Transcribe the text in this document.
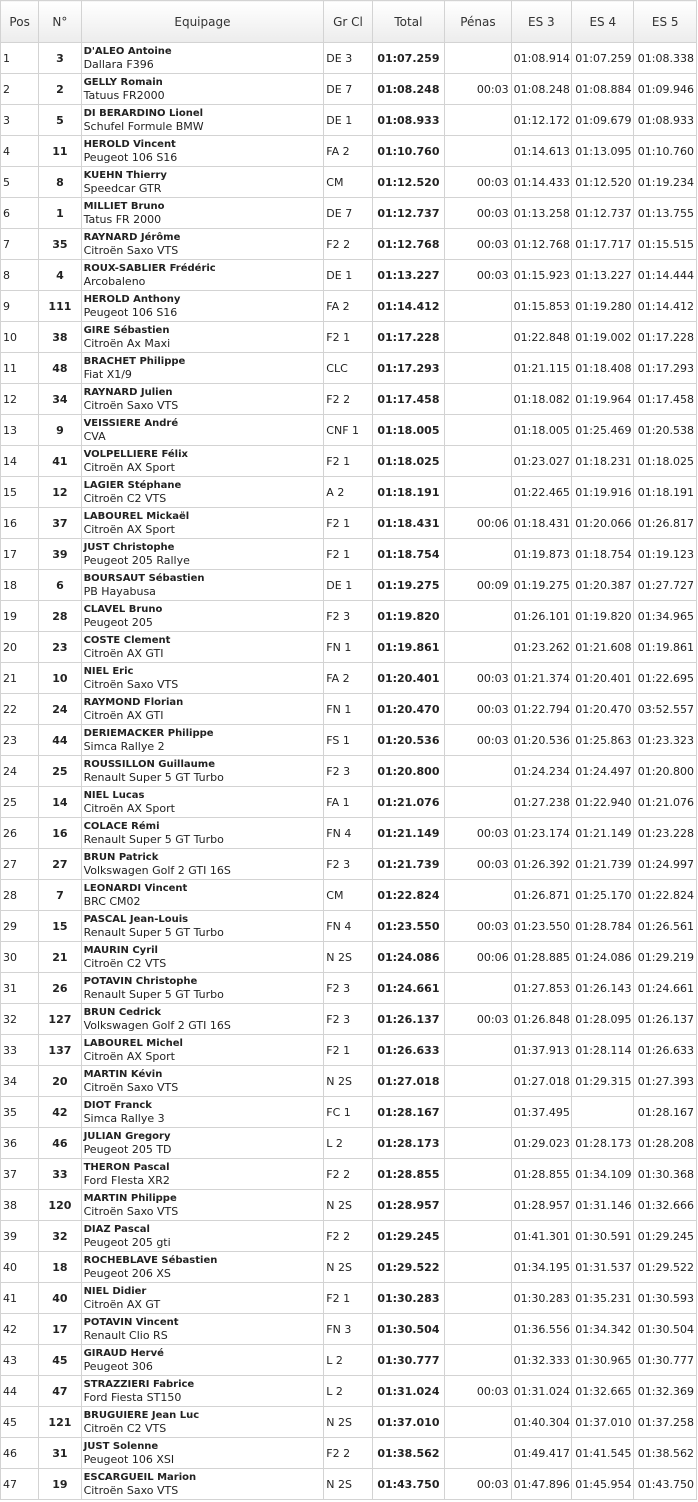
Pos	N°	Equipage	Gr Cl	Total	Pénas	ES 3	ES 4	ES 5
1	3	D'ALEO Antoine
Dallara F396	DE 3	01:07.259		01:08.914	01:07.259	01:08.338
2	2	GELLY Romain
Tatuus FR2000	DE 7	01:08.248	00:03	01:08.248	01:08.884	01:09.946
3	5	DI BERARDINO Lionel
Schufel Formule BMW	DE 1	01:08.933		01:12.172	01:09.679	01:08.933
4	11	HEROLD Vincent
Peugeot 106 S16	FA 2	01:10.760		01:14.613	01:13.095	01:10.760
5	8	KUEHN Thierry
Speedcar GTR	CM	01:12.520	00:03	01:14.433	01:12.520	01:19.234
6	1	MILLIET Bruno
Tatus FR 2000	DE 7	01:12.737	00:03	01:13.258	01:12.737	01:13.755
7	35	RAYNARD Jérôme
Citroën Saxo VTS	F2 2	01:12.768	00:03	01:12.768	01:17.717	01:15.515
8	4	ROUX-SABLIER Frédéric
Arcobaleno	DE 1	01:13.227	00:03	01:15.923	01:13.227	01:14.444
9	111	HEROLD Anthony
Peugeot 106 S16	FA 2	01:14.412		01:15.853	01:19.280	01:14.412
10	38	GIRE Sébastien
Citroën Ax Maxi	F2 1	01:17.228		01:22.848	01:19.002	01:17.228
11	48	BRACHET Philippe
Fiat X1/9	CLC	01:17.293		01:21.115	01:18.408	01:17.293
12	34	RAYNARD Julien
Citroën Saxo VTS	F2 2	01:17.458		01:18.082	01:19.964	01:17.458
13	9	VEISSIERE André
CVA	CNF 1	01:18.005		01:18.005	01:25.469	01:20.538
14	41	VOLPELLIERE Félix
Citroën AX Sport	F2 1	01:18.025		01:23.027	01:18.231	01:18.025
15	12	LAGIER Stéphane
Citroën C2 VTS	A 2	01:18.191		01:22.465	01:19.916	01:18.191
16	37	LABOUREL Mickaël
Citroën AX Sport	F2 1	01:18.431	00:06	01:18.431	01:20.066	01:26.817
17	39	JUST Christophe
Peugeot 205 Rallye	F2 1	01:18.754		01:19.873	01:18.754	01:19.123
18	6	BOURSAUT Sébastien
PB Hayabusa	DE 1	01:19.275	00:09	01:19.275	01:20.387	01:27.727
19	28	CLAVEL Bruno
Peugeot 205	F2 3	01:19.820		01:26.101	01:19.820	01:34.965
20	23	COSTE Clement
Citroën AX GTI	FN 1	01:19.861		01:23.262	01:21.608	01:19.861
21	10	NIEL Eric
Citroën Saxo VTS	FA 2	01:20.401	00:03	01:21.374	01:20.401	01:22.695
22	24	RAYMOND Florian
Citroën AX GTI	FN 1	01:20.470	00:03	01:22.794	01:20.470	03:52.557
23	44	DERIEMACKER Philippe
Simca Rallye 2	FS 1	01:20.536	00:03	01:20.536	01:25.863	01:23.323
24	25	ROUSSILLON Guillaume
Renault Super 5 GT Turbo	F2 3	01:20.800		01:24.234	01:24.497	01:20.800
25	14	NIEL Lucas
Citroën AX Sport	FA 1	01:21.076		01:27.238	01:22.940	01:21.076
26	16	COLACE Rémi
Renault Super 5 GT Turbo	FN 4	01:21.149	00:03	01:23.174	01:21.149	01:23.228
27	27	BRUN Patrick
Volkswagen Golf 2 GTI 16S	F2 3	01:21.739	00:03	01:26.392	01:21.739	01:24.997
28	7	LEONARDI Vincent
BRC CM02	CM	01:22.824		01:26.871	01:25.170	01:22.824
29	15	PASCAL Jean-Louis
Renault Super 5 GT Turbo	FN 4	01:23.550	00:03	01:23.550	01:28.784	01:26.561
30	21	MAURIN Cyril
Citroën C2 VTS	N 2S	01:24.086	00:06	01:28.885	01:24.086	01:29.219
31	26	POTAVIN Christophe
Renault Super 5 GT Turbo	F2 3	01:24.661		01:27.853	01:26.143	01:24.661
32	127	BRUN Cedrick
Volkswagen Golf 2 GTI 16S	F2 3	01:26.137	00:03	01:26.848	01:28.095	01:26.137
33	137	LABOUREL Michel
Citroën AX Sport	F2 1	01:26.633		01:37.913	01:28.114	01:26.633
34	20	MARTIN Kévin
Citroën Saxo VTS	N 2S	01:27.018		01:27.018	01:29.315	01:27.393
35	42	DIOT Franck
Simca Rallye 3	FC 1	01:28.167		01:37.495		01:28.167
36	46	JULIAN Gregory
Peugeot 205 TD	L 2	01:28.173		01:29.023	01:28.173	01:28.208
37	33	THERON Pascal
Ford FIesta XR2	F2 2	01:28.855		01:28.855	01:34.109	01:30.368
38	120	MARTIN Philippe
Citroën Saxo VTS	N 2S	01:28.957		01:28.957	01:31.146	01:32.666
39	32	DIAZ Pascal
Peugeot 205 gti	F2 2	01:29.245		01:41.301	01:30.591	01:29.245
40	18	ROCHEBLAVE Sébastien
Peugeot 206 XS	N 2S	01:29.522		01:34.195	01:31.537	01:29.522
41	40	NIEL Didier
Citroën AX GT	F2 1	01:30.283		01:30.283	01:35.231	01:30.593
42	17	POTAVIN Vincent
Renault Clio RS	FN 3	01:30.504		01:36.556	01:34.342	01:30.504
43	45	GIRAUD Hervé
Peugeot 306	L 2	01:30.777		01:32.333	01:30.965	01:30.777
44	47	STRAZZIERI Fabrice
Ford Fiesta ST150	L 2	01:31.024	00:03	01:31.024	01:32.665	01:32.369
45	121	BRUGUIERE Jean Luc
Citroën C2 VTS	N 2S	01:37.010		01:40.304	01:37.010	01:37.258
46	31	JUST Solenne
Peugeot 106 XSI	F2 2	01:38.562		01:49.417	01:41.545	01:38.562
47	19	ESCARGUEIL Marion
Citroën Saxo VTS	N 2S	01:43.750	00:03	01:47.896	01:45.954	01:43.750
